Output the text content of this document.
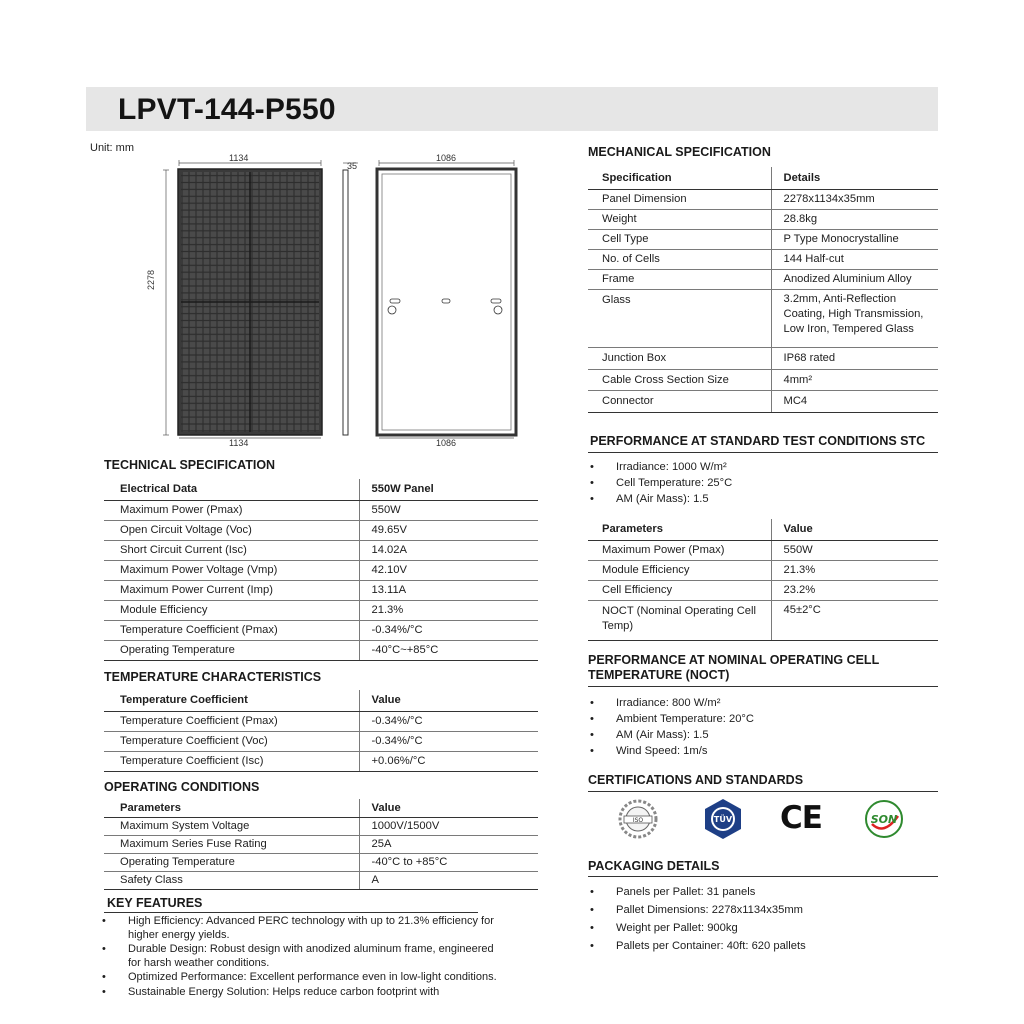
LPVT-144-P550
Unit: mm
1134
1134
2278
35
1086
1086
TECHNICAL SPECIFICATION
Electrical Data	550W Panel
Maximum Power (Pmax)	550W
Open Circuit Voltage (Voc)	49.65V
Short Circuit Current (Isc)	14.02A
Maximum Power Voltage (Vmp)	42.10V
Maximum Power Current (Imp)	13.11A
Module Efficiency	21.3%
Temperature Coefficient (Pmax)	-0.34%/°C
Operating Temperature	-40°C~+85°C
TEMPERATURE CHARACTERISTICS
Temperature Coefficient	Value
Temperature Coefficient (Pmax)	-0.34%/°C
Temperature Coefficient (Voc)	-0.34%/°C
Temperature Coefficient (Isc)	+0.06%/°C
OPERATING CONDITIONS
Parameters	Value
Maximum System Voltage	1000V/1500V
Maximum Series Fuse Rating	25A
Operating Temperature	-40°C to +85°C
Safety Class	A
KEY FEATURES
• High Efficiency: Advanced PERC technology with up to 21.3% efficiency for higher energy yields.
• Durable Design: Robust design with anodized aluminum frame, engineered for harsh weather conditions.
• Optimized Performance: Excellent performance even in low-light conditions.
• Sustainable Energy Solution: Helps reduce carbon footprint with
MECHANICAL SPECIFICATION
Specification	Details
Panel Dimension	2278x1134x35mm
Weight	28.8kg
Cell Type	P Type Monocrystalline
No. of Cells	144 Half-cut
Frame	Anodized Aluminium Alloy
Glass	3.2mm, Anti-Reflection Coating, High Transmission, Low Iron, Tempered Glass
Junction Box	IP68 rated
Cable Cross Section Size	4mm²
Connector	MC4
PERFORMANCE AT STANDARD TEST CONDITIONS STC
• Irradiance: 1000 W/m²
• Cell Temperature: 25°C
• AM (Air Mass): 1.5
Parameters	Value
Maximum Power (Pmax)	550W
Module Efficiency	21.3%
Cell Efficiency	23.2%
NOCT (Nominal Operating Cell Temp)	45±2°C
PERFORMANCE AT NOMINAL OPERATING CELL
TEMPERATURE (NOCT)
• Irradiance: 800 W/m²
• Ambient Temperature: 20°C
• AM (Air Mass): 1.5
• Wind Speed: 1m/s
CERTIFICATIONS AND STANDARDS
ISO	TÜV CE	SON
PACKAGING DETAILS
• Panels per Pallet: 31 panels
• Pallet Dimensions: 2278x1134x35mm
• Weight per Pallet: 900kg
• Pallets per Container: 40ft: 620 pallets
